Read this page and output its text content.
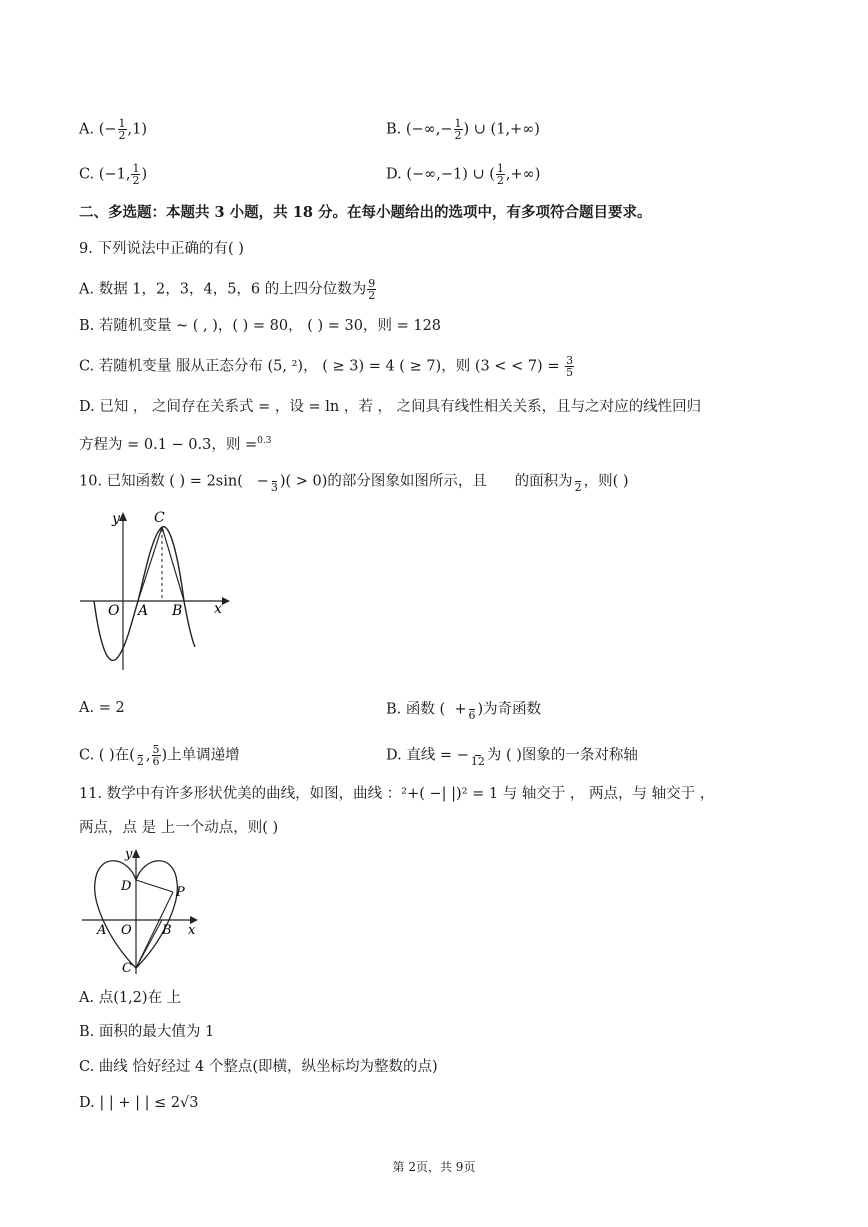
A. (− $\frac{1}{2} ,1$)	B. (−∞,− $\frac{1}{2}$ ) ∪ (1,+∞)
C. (−1, $\frac{1}{2}$ )	D. (−∞,−1) ∪ ( $\frac{1}{2}$ ,+∞)
二、多选题：本题共 3 小题，共 18 分。在每小题给出的选项中，有多项符合题目要求。
9. 下列说法中正确的有( )
A. 数据 1，2，3，4，5，6 的上四分位数为 $\frac{9}{2}$
B. 若随机变量 ~ ( , )，( ) = 80， ( ) = 30，则 = 128
C. 若随机变量 服从正态分布 (5, ²)， ( ≥ 3) = 4 ( ≥ 7)，则 (3 < < $7) = \frac{3}{5}$
D. 已知 ， 之间存在关系式 = ，设 = ln ，若 ， 之间具有线性相关关系，且与之对应的线性回归
方程为 = 0.1 − 0.3，则 =$^{0.3}$
10. 已知函数 ( ) = 2sin( −
3 )( > 0)的部分图象如图所示，且 的面积为
2 ，则( )
y
x
O A B
C
A. = 2	B. 函数 ( +
6 )为奇函数
C. ( )在(
2 , $\frac{5}{6}$ )上单调递增	D. 直线 = −
12 为 ( )图象的一条对称轴
11. 数学中有许多形状优美的曲线，如图，曲线 ：²+( −| |)² = 1 与 轴交于 ， 两点，与 轴交于 ，
两点，点 是 上一个动点，则( )
y
x
O
A	B
C
D	P
A. 点(1,2)在 上
B. 面积的最大值为 1
C. 曲线 恰好经过 4 个整点(即横，纵坐标均为整数的点)
D. | | + | | ≤ 2√3
第 2页，共 9页
